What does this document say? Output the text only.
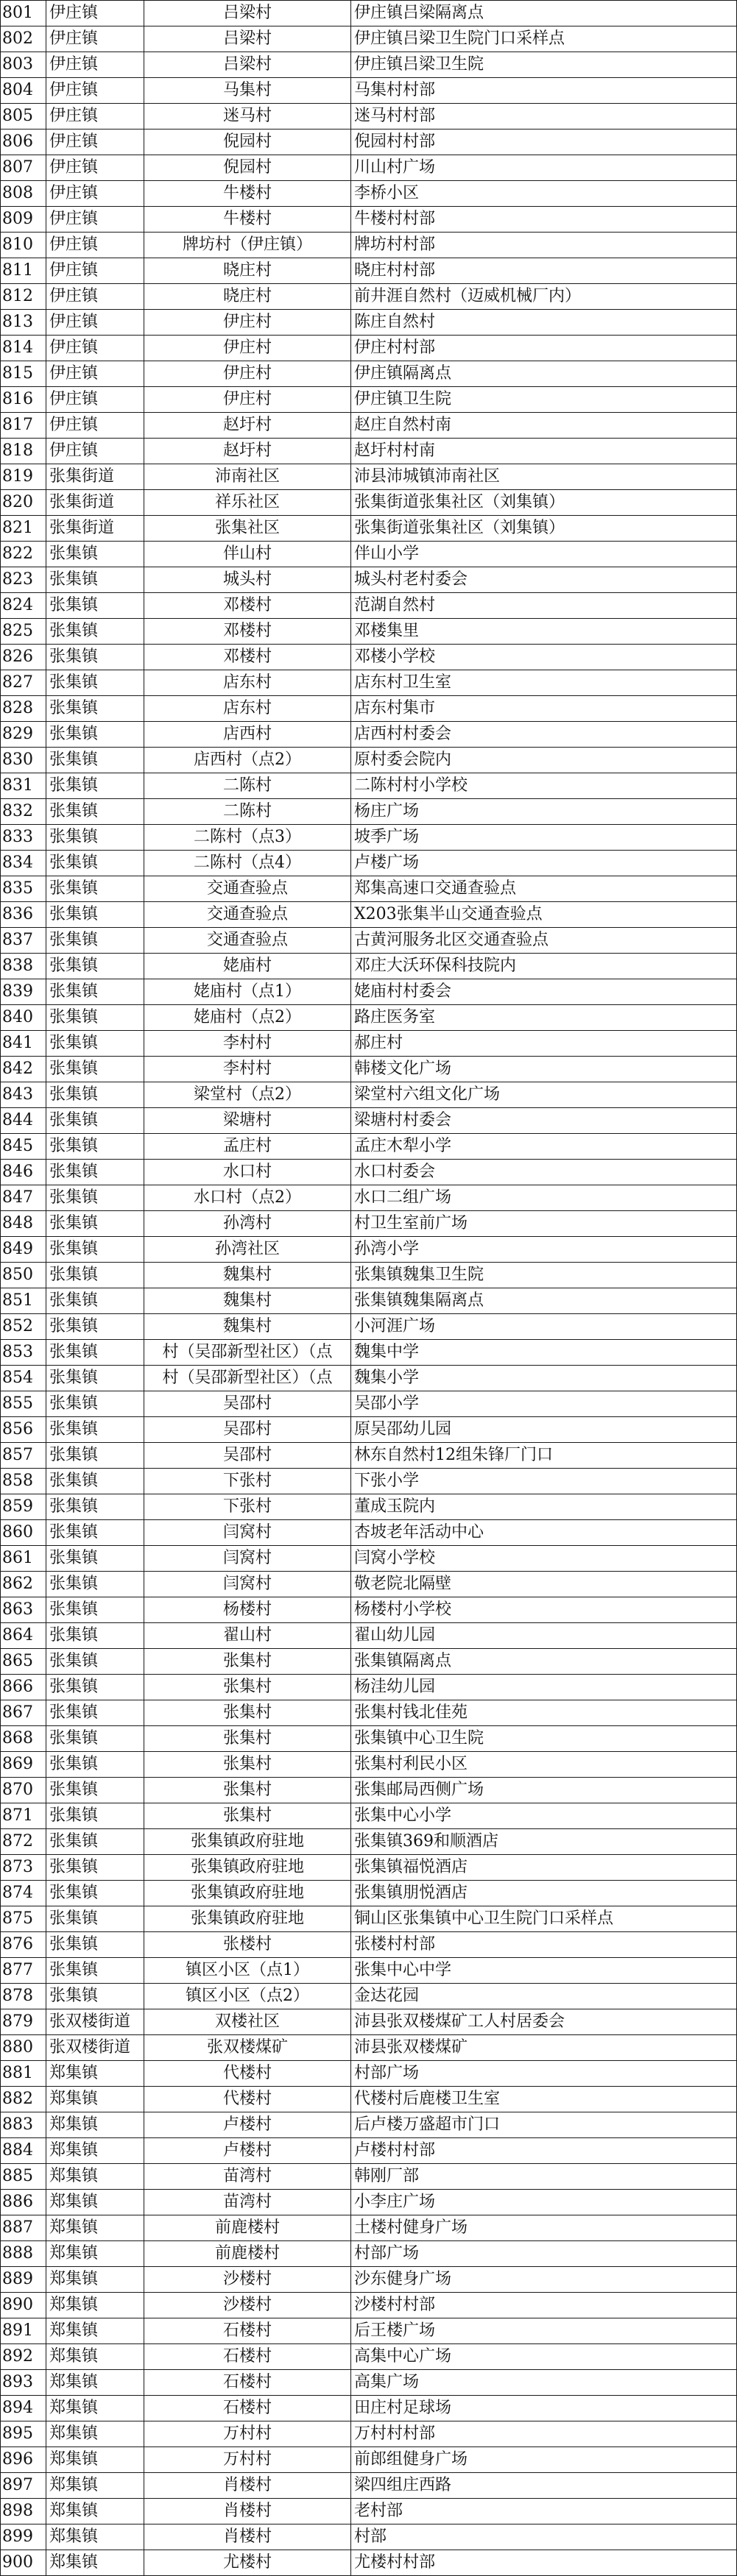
801	伊庄镇	吕梁村	伊庄镇吕梁隔离点
802	伊庄镇	吕梁村	伊庄镇吕梁卫生院门口采样点
803	伊庄镇	吕梁村	伊庄镇吕梁卫生院
804	伊庄镇	马集村	马集村村部
805	伊庄镇	迷马村	迷马村村部
806	伊庄镇	倪园村	倪园村村部
807	伊庄镇	倪园村	川山村广场
808	伊庄镇	牛楼村	李桥小区
809	伊庄镇	牛楼村	牛楼村村部
810	伊庄镇	牌坊村（伊庄镇）	牌坊村村部
811	伊庄镇	晓庄村	晓庄村村部
812	伊庄镇	晓庄村	前井涯自然村（迈威机械厂内）
813	伊庄镇	伊庄村	陈庄自然村
814	伊庄镇	伊庄村	伊庄村村部
815	伊庄镇	伊庄村	伊庄镇隔离点
816	伊庄镇	伊庄村	伊庄镇卫生院
817	伊庄镇	赵圩村	赵庄自然村南
818	伊庄镇	赵圩村	赵圩村村南
819	张集街道	沛南社区	沛县沛城镇沛南社区
820	张集街道	祥乐社区	张集街道张集社区（刘集镇）
821	张集街道	张集社区	张集街道张集社区（刘集镇）
822	张集镇	伴山村	伴山小学
823	张集镇	城头村	城头村老村委会
824	张集镇	邓楼村	范湖自然村
825	张集镇	邓楼村	邓楼集里
826	张集镇	邓楼村	邓楼小学校
827	张集镇	店东村	店东村卫生室
828	张集镇	店东村	店东村集市
829	张集镇	店西村	店西村村委会
830	张集镇	店西村（点2）	原村委会院内
831	张集镇	二陈村	二陈村村小学校
832	张集镇	二陈村	杨庄广场
833	张集镇	二陈村（点3）	坡季广场
834	张集镇	二陈村（点4）	卢楼广场
835	张集镇	交通查验点	郑集高速口交通查验点
836	张集镇	交通查验点	X203张集半山交通查验点
837	张集镇	交通查验点	古黄河服务北区交通查验点
838	张集镇	姥庙村	邓庄大沃环保科技院内
839	张集镇	姥庙村（点1）	姥庙村村委会
840	张集镇	姥庙村（点2）	路庄医务室
841	张集镇	李村村	郝庄村
842	张集镇	李村村	韩楼文化广场
843	张集镇	梁堂村（点2）	梁堂村六组文化广场
844	张集镇	梁塘村	梁塘村村委会
845	张集镇	孟庄村	孟庄木犁小学
846	张集镇	水口村	水口村委会
847	张集镇	水口村（点2）	水口二组广场
848	张集镇	孙湾村	村卫生室前广场
849	张集镇	孙湾社区	孙湾小学
850	张集镇	魏集村	张集镇魏集卫生院
851	张集镇	魏集村	张集镇魏集隔离点
852	张集镇	魏集村	小河涯广场
853	张集镇	村（吴邵新型社区）（点	魏集中学
854	张集镇	村（吴邵新型社区）（点	魏集小学
855	张集镇	吴邵村	吴邵小学
856	张集镇	吴邵村	原吴邵幼儿园
857	张集镇	吴邵村	林东自然村12组朱锋厂门口
858	张集镇	下张村	下张小学
859	张集镇	下张村	董成玉院内
860	张集镇	闫窝村	杏坡老年活动中心
861	张集镇	闫窝村	闫窝小学校
862	张集镇	闫窝村	敬老院北隔壁
863	张集镇	杨楼村	杨楼村小学校
864	张集镇	翟山村	翟山幼儿园
865	张集镇	张集村	张集镇隔离点
866	张集镇	张集村	杨洼幼儿园
867	张集镇	张集村	张集村钱北佳苑
868	张集镇	张集村	张集镇中心卫生院
869	张集镇	张集村	张集村利民小区
870	张集镇	张集村	张集邮局西侧广场
871	张集镇	张集村	张集中心小学
872	张集镇	张集镇政府驻地	张集镇369和顺酒店
873	张集镇	张集镇政府驻地	张集镇福悦酒店
874	张集镇	张集镇政府驻地	张集镇朋悦酒店
875	张集镇	张集镇政府驻地	铜山区张集镇中心卫生院门口采样点
876	张集镇	张楼村	张楼村村部
877	张集镇	镇区小区（点1）	张集中心中学
878	张集镇	镇区小区（点2）	金达花园
879	张双楼街道	双楼社区	沛县张双楼煤矿工人村居委会
880	张双楼街道	张双楼煤矿	沛县张双楼煤矿
881	郑集镇	代楼村	村部广场
882	郑集镇	代楼村	代楼村后鹿楼卫生室
883	郑集镇	卢楼村	后卢楼万盛超市门口
884	郑集镇	卢楼村	卢楼村村部
885	郑集镇	苗湾村	韩刚厂部
886	郑集镇	苗湾村	小李庄广场
887	郑集镇	前鹿楼村	土楼村健身广场
888	郑集镇	前鹿楼村	村部广场
889	郑集镇	沙楼村	沙东健身广场
890	郑集镇	沙楼村	沙楼村村部
891	郑集镇	石楼村	后王楼广场
892	郑集镇	石楼村	高集中心广场
893	郑集镇	石楼村	高集广场
894	郑集镇	石楼村	田庄村足球场
895	郑集镇	万村村	万村村村部
896	郑集镇	万村村	前郎组健身广场
897	郑集镇	肖楼村	梁四组庄西路
898	郑集镇	肖楼村	老村部
899	郑集镇	肖楼村	村部
900	郑集镇	尤楼村	尤楼村村部
